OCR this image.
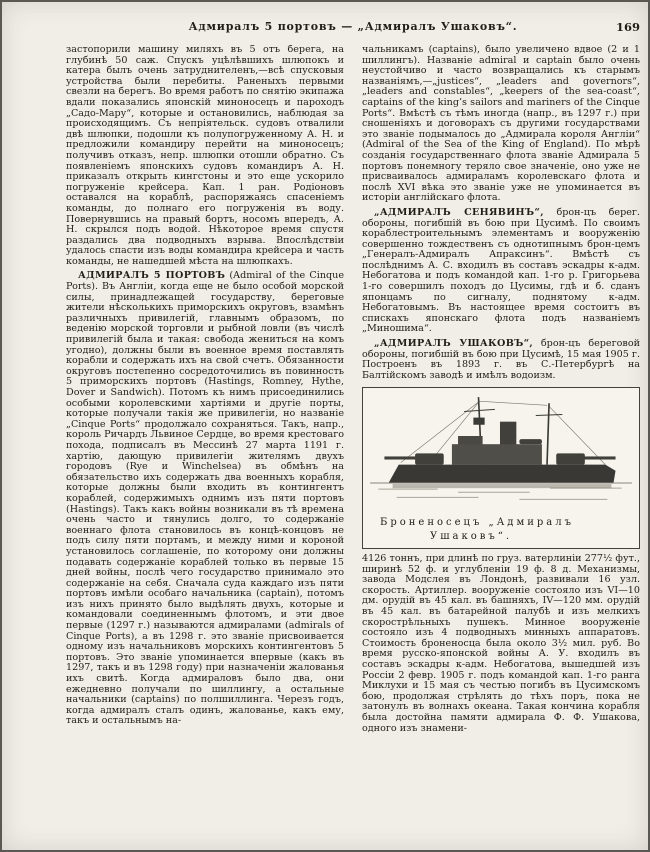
Адмиралъ 5 портовъ — „Адмиралъ Ушаковъ“.	169

застопорили машину миляхъ въ 5 отъ берега, на глубинѣ 50 саж. Спускъ уцѣлѣвшихъ шлюпокъ и катера былъ очень затруднителенъ,—всѣ спусковыя устройства были перебиты. Раненыхъ первыми свезли на берегъ. Во время работъ по снятію экипажа вдали показались японскій миноносецъ и пароходъ „Садо-Мару“, которые и остановились, наблюдая за происходящимъ. Съ непріятельск. судовъ отвалили двѣ шлюпки, подошли къ полупогруженному А. Н. и предложили командиру перейти на миноносецъ; получивъ отказъ, непр. шлюпки отошли обратно. Съ появленіемъ японскихъ судовъ командиръ А. Н. приказалъ открыть кингстоны и это еще ускорило погруженіе крейсера. Кап. 1 ран. Родіоновъ оставался на кораблѣ, распоряжаясь спасеніемъ команды, до полнаго его погруженія въ воду. Повернувшись на правый бортъ, носомъ впередъ, А. Н. скрылся подъ водой. Нѣкоторое время спустя раздались два подводныхъ взрыва. Впослѣдствіи удалось спасти изъ воды командира крейсера и часть команды, не нашедшей мѣста на шлюпкахъ.

АДМИРАЛЪ 5 ПОРТОВЪ (Admiral of the Cinque Ports). Въ Англіи, когда еще не было особой морской силы, принадлежащей государству, береговые жители нѣсколькихъ приморскихъ округовъ, взамѣнъ различныхъ привилегій, главнымъ образомъ, по веденію морской торговли и рыбной ловли (въ числѣ привилегій была и такая: свобода жениться на комъ угодно), должны были въ военное время поставлять корабли и содержать ихъ на свой счетъ. Обязанности округовъ постепенно сосредоточились въ повинность 5 приморскихъ портовъ (Hastings, Romney, Hythe, Dover и Sandwich). Потомъ къ нимъ присоединились особыми королевскими хартіями и другіе порты, которые получали такія же привилегіи, но названіе „Cinque Ports“ продолжало сохраняться. Такъ, напр., король Ричардъ Львиное Сердце, во время крестоваго похода, подписалъ въ Мессинѣ 27 марта 1191 г. хартію, дающую привилегіи жителямъ двухъ городовъ (Rye и Winchelsea) въ обмѣнъ на обязательство ихъ содержать два военныхъ корабля, которые должны были входить въ контингентъ кораблей, содержимыхъ однимъ изъ пяти портовъ (Hastings). Такъ какъ войны возникали въ тѣ времена очень часто и тянулись долго, то содержаніе военнаго флота становилось въ концѣ-концовъ не подъ силу пяти портамъ, и между ними и короной установилось соглашеніе, по которому они должны подавать содержаніе кораблей только въ первые 15 дней войны, послѣ чего государство принимало это содержаніе на себя. Сначала суда каждаго изъ пяти портовъ имѣли особаго начальника (captain), потомъ изъ нихъ принято было выдѣлять двухъ, которые и командовали соединеннымъ флотомъ, и эти двое первые (1297 г.) называются адмиралами (admirals of Cinque Ports), а въ 1298 г. это званіе присвоивается одному изъ начальниковъ морскихъ контингентовъ 5 портовъ. Это званіе упоминается впервые (какъ въ 1297, такъ и въ 1298 году) при назначеніи жалованья ихъ свитѣ. Когда адмираловъ было два, они ежедневно получали по шиллингу, а остальные начальники (captains) по полшиллинга. Черезъ годъ, когда адмиралъ сталъ одинъ, жалованье, какъ ему, такъ и остальнымъ на-

чальникамъ (captains), было увеличено вдвое (2 и 1 шиллингъ). Названіе admiral и captain было очень неустойчиво и часто возвращались къ старымъ названіямъ,—„justices“, „leaders and governors“, „leaders and constables“, „keepers of the sea-coast“, captains of the king’s sailors and mariners of the Cinque Ports“. Вмѣстѣ съ тѣмъ иногда (напр., въ 1297 г.) при сношеніяхъ и договорахъ съ другими государствами это званіе подымалось до „Адмирала короля Англіи“ (Admiral of the Sea of the King of England). По мѣрѣ созданія государственнаго флота званіе Адмирала 5 портовъ понемногу теряло свое значеніе, оно уже не присваивалось адмираламъ королевскаго флота и послѣ XVI вѣка это званіе уже не упоминается въ исторіи англійскаго флота.

„АДМИРАЛЪ СЕНЯВИНЪ“, брон-цъ берег. обороны, погибшій въ бою при Цусимѣ. По своимъ кораблестроительнымъ элементамъ и вооруженію совершенно тождественъ съ однотипнымъ брон-цемъ „Генералъ-Адмиралъ Апраксинъ“. Вмѣстѣ съ послѣднимъ А. С. входилъ въ составъ эскадры к-адм. Небогатова и подъ командой кап. 1-го р. Григорьева 1-го совершилъ походъ до Цусимы, гдѣ и б. сданъ японцамъ по сигналу, поднятому к-адм. Небогатовымъ. Въ настоящее время состоитъ въ спискахъ японскаго флота подъ названіемъ „Миношима“.

„АДМИРАЛЪ УШАКОВЪ“, брон-цъ береговой обороны, погибшій въ бою при Цусимѣ, 15 мая 1905 г. Построенъ въ 1893 г. въ С.-Петербургѣ на Балтійскомъ заводѣ и имѣлъ водоизм.

Броненосецъ „Адмиралъ
Ушаковъ“.

4126 тоннъ, при длинѣ по груз. ватерлиніи 277½ фут., ширинѣ 52 ф. и углубленіи 19 ф. 8 д. Механизмы, завода Модслея въ Лондонѣ, развивали 16 узл. скорость. Артиллер. вооруженіе состояло изъ VI—10 дм. орудій въ 45 кал. въ башняхъ, IV—120 мм. орудій въ 45 кал. въ батарейной палубѣ и изъ мелкихъ скорострѣльныхъ пушекъ. Минное вооруженіе состояло изъ 4 подводныхъ минныхъ аппаратовъ. Стоимость броненосца была около 3½ мил. руб. Во время русско-японской войны А. У. входилъ въ составъ эскадры к-адм. Небогатова, вышедшей изъ Россіи 2 февр. 1905 г. подъ командой кап. 1-го ранга Миклухи и 15 мая съ честью погибъ въ Цусимскомъ бою, продолжая стрѣлять до тѣхъ поръ, пока не затонулъ въ волнахъ океана. Такая кончина корабля была достойна памяти адмирала Ф. Ф. Ушакова, одного изъ знамени-
